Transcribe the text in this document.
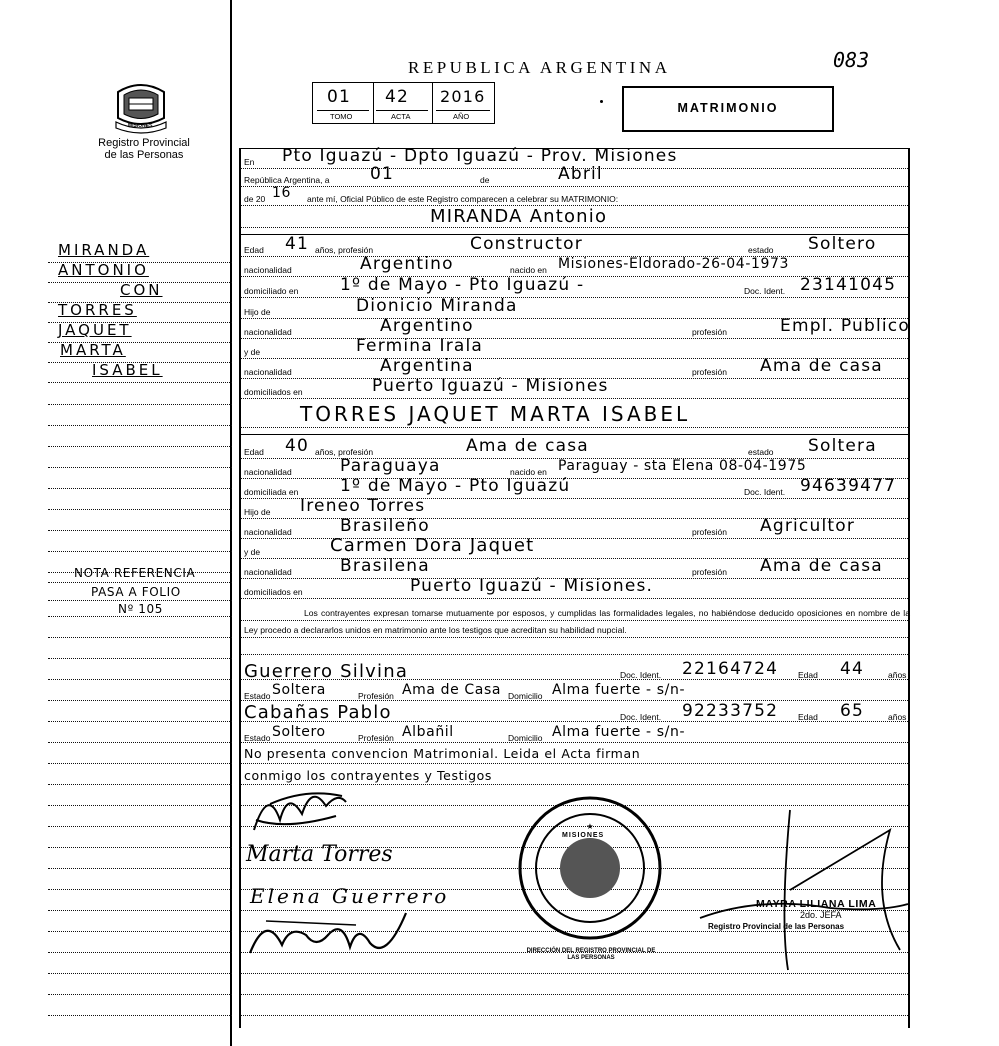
MISIONES
Registro Provincial
de las Personas
REPUBLICA ARGENTINA	083
01
TOMO
42
ACTA
2016
AÑO
MATRIMONIO
MIRANDA
ANTONIO
CON
TORRES
JAQUET
MARTA
ISABEL
NOTA REFERENCIA
PASA A FOLIO
Nº 105
En Pto Iguazú - Dpto Iguazú - Prov. Misiones
República Argentina, a 01	de	Abril
de 20 16 ante mí, Oficial Público de este Registro comparecen a celebrar su MATRIMONIO:
MIRANDA Antonio
Edad 41 años, profesión	Constructor	estado Soltero
nacionalidad	Argentino	nacido en Misiones-Eldorado-26-04-1973
domiciliado en 1º de Mayo - Pto Iguazú -	Doc. Ident. 23141045
Hijo de	Dionicio Miranda
nacionalidad	Argentino	profesión	Empl. Publico
y de	Fermina Irala
nacionalidad	Argentina	profesión Ama de casa
domiciliados en	Puerto Iguazú - Misiones
TORRES JAQUET MARTA ISABEL
Edad 40 años, profesión	Ama de casa	estado Soltera
nacionalidad	Paraguaya	nacido en Paraguay - sta Elena 08-04-1975
domiciliada en 1º de Mayo - Pto Iguazú	Doc. Ident. 94639477
Hijo de Ireneo Torres
nacionalidad	Brasileño	profesión Agricultor
y de	Carmen Dora Jaquet
nacionalidad	Brasilena	profesión Ama de casa
domiciliados en	Puerto Iguazú - Misiones.
Los contrayentes expresan tomarse mutuamente por esposos, y cumplidas las formalidades legales, no habiéndose deducido oposiciones en nombre de la Ley procedo a declararlos unidos en matrimonio ante los testigos que acreditan su habilidad nupcial.
Guerrero Silvina	Doc. Ident. 22164724 Edad 44	años
Estado Soltera	Profesión Ama de Casa Domicilio Alma fuerte - s/n-
Cabañas Pablo	Doc. Ident. 92233752 Edad 65	años
Estado Soltero	Profesión Albañil	Domicilio Alma fuerte - s/n-
No presenta convencion Matrimonial. Leida el Acta firman
conmigo los contrayentes y Testigos
Marta Torres
Elena Guerrero
★
DIRECCIÓN DEL REGISTRO PROVINCIAL DE LAS PERSONAS
MISIONES
MAYRA LILIANA LIMA
2do. JEFA
Registro Provincial de las Personas
